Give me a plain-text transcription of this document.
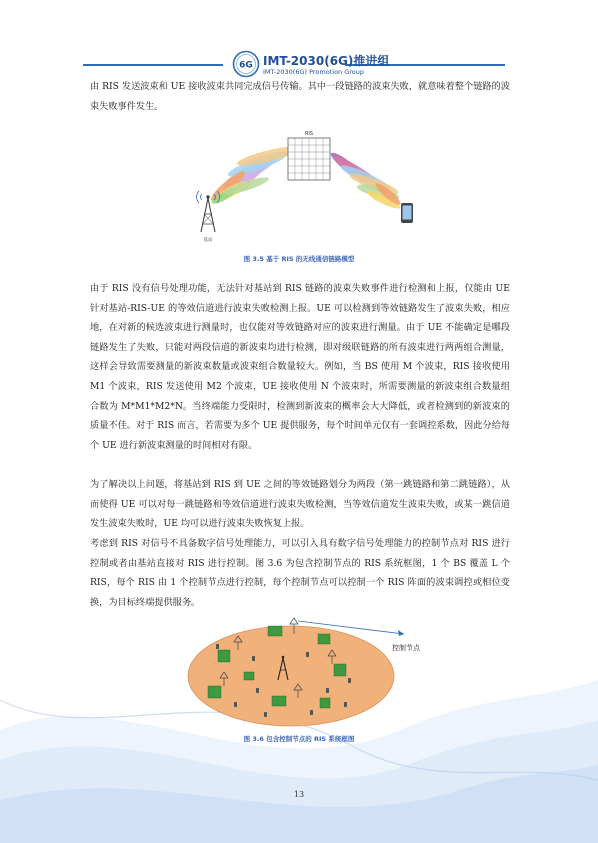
6G IMT-2030(6G)推进组
IMT-2030(6G) Promotion Group
由 RIS 发送波束和 UE 接收波束共同完成信号传输。其中一段链路的波束失败，就意味着整个链路的波束失败事件发生。
RIS
基站
图 3.5 基于 RIS 的无线通信链路模型
由于 RIS 没有信号处理功能，无法针对基站到 RIS 链路的波束失败事件进行检测和上报，仅能由 UE 针对基站-RIS-UE 的等效信道进行波束失败检测上报。UE 可以检测到等效链路发生了波束失败，相应地，在对新的候选波束进行测量时，也仅能对等效链路对应的波束进行测量。由于 UE 不能确定是哪段链路发生了失败，只能对两段信道的新波束均进行检测，即对级联链路的所有波束进行两两组合测量，这样会导致需要测量的新波束数量或波束组合数量较大。例如，当 BS 使用 M 个波束，RIS 接收使用 M1 个波束，RIS 发送使用 M2 个波束，UE 接收使用 N 个波束时，所需要测量的新波束组合数量组合数为 M*M1*M2*N。当终端能力受限时，检测到新波束的概率会大大降低，或者检测到的新波束的质量不佳。对于 RIS 而言，若需要为多个 UE 提供服务，每个时间单元仅有一套调控系数，因此分给每个 UE 进行新波束测量的时间相对有限。
为了解决以上问题，将基站到 RIS 到 UE 之间的等效链路划分为两段（第一跳链路和第二跳链路），从而使得 UE 可以对每一跳链路和等效信道进行波束失败检测，当等效信道发生波束失败，或某一跳信道发生波束失败时，UE 均可以进行波束失败恢复上报。
考虑到 RIS 对信号不具备数字信号处理能力，可以引入具有数字信号处理能力的控制节点对 RIS 进行控制或者由基站直接对 RIS 进行控制。图 3.6 为包含控制节点的 RIS 系统框图，1 个 BS 覆盖 L 个 RIS，每个 RIS 由 1 个控制节点进行控制，每个控制节点可以控制一个 RIS 阵面的波束调控或相位变换，为目标终端提供服务。
控制节点
图 3.6 包含控制节点的 RIS 系统框图
13
